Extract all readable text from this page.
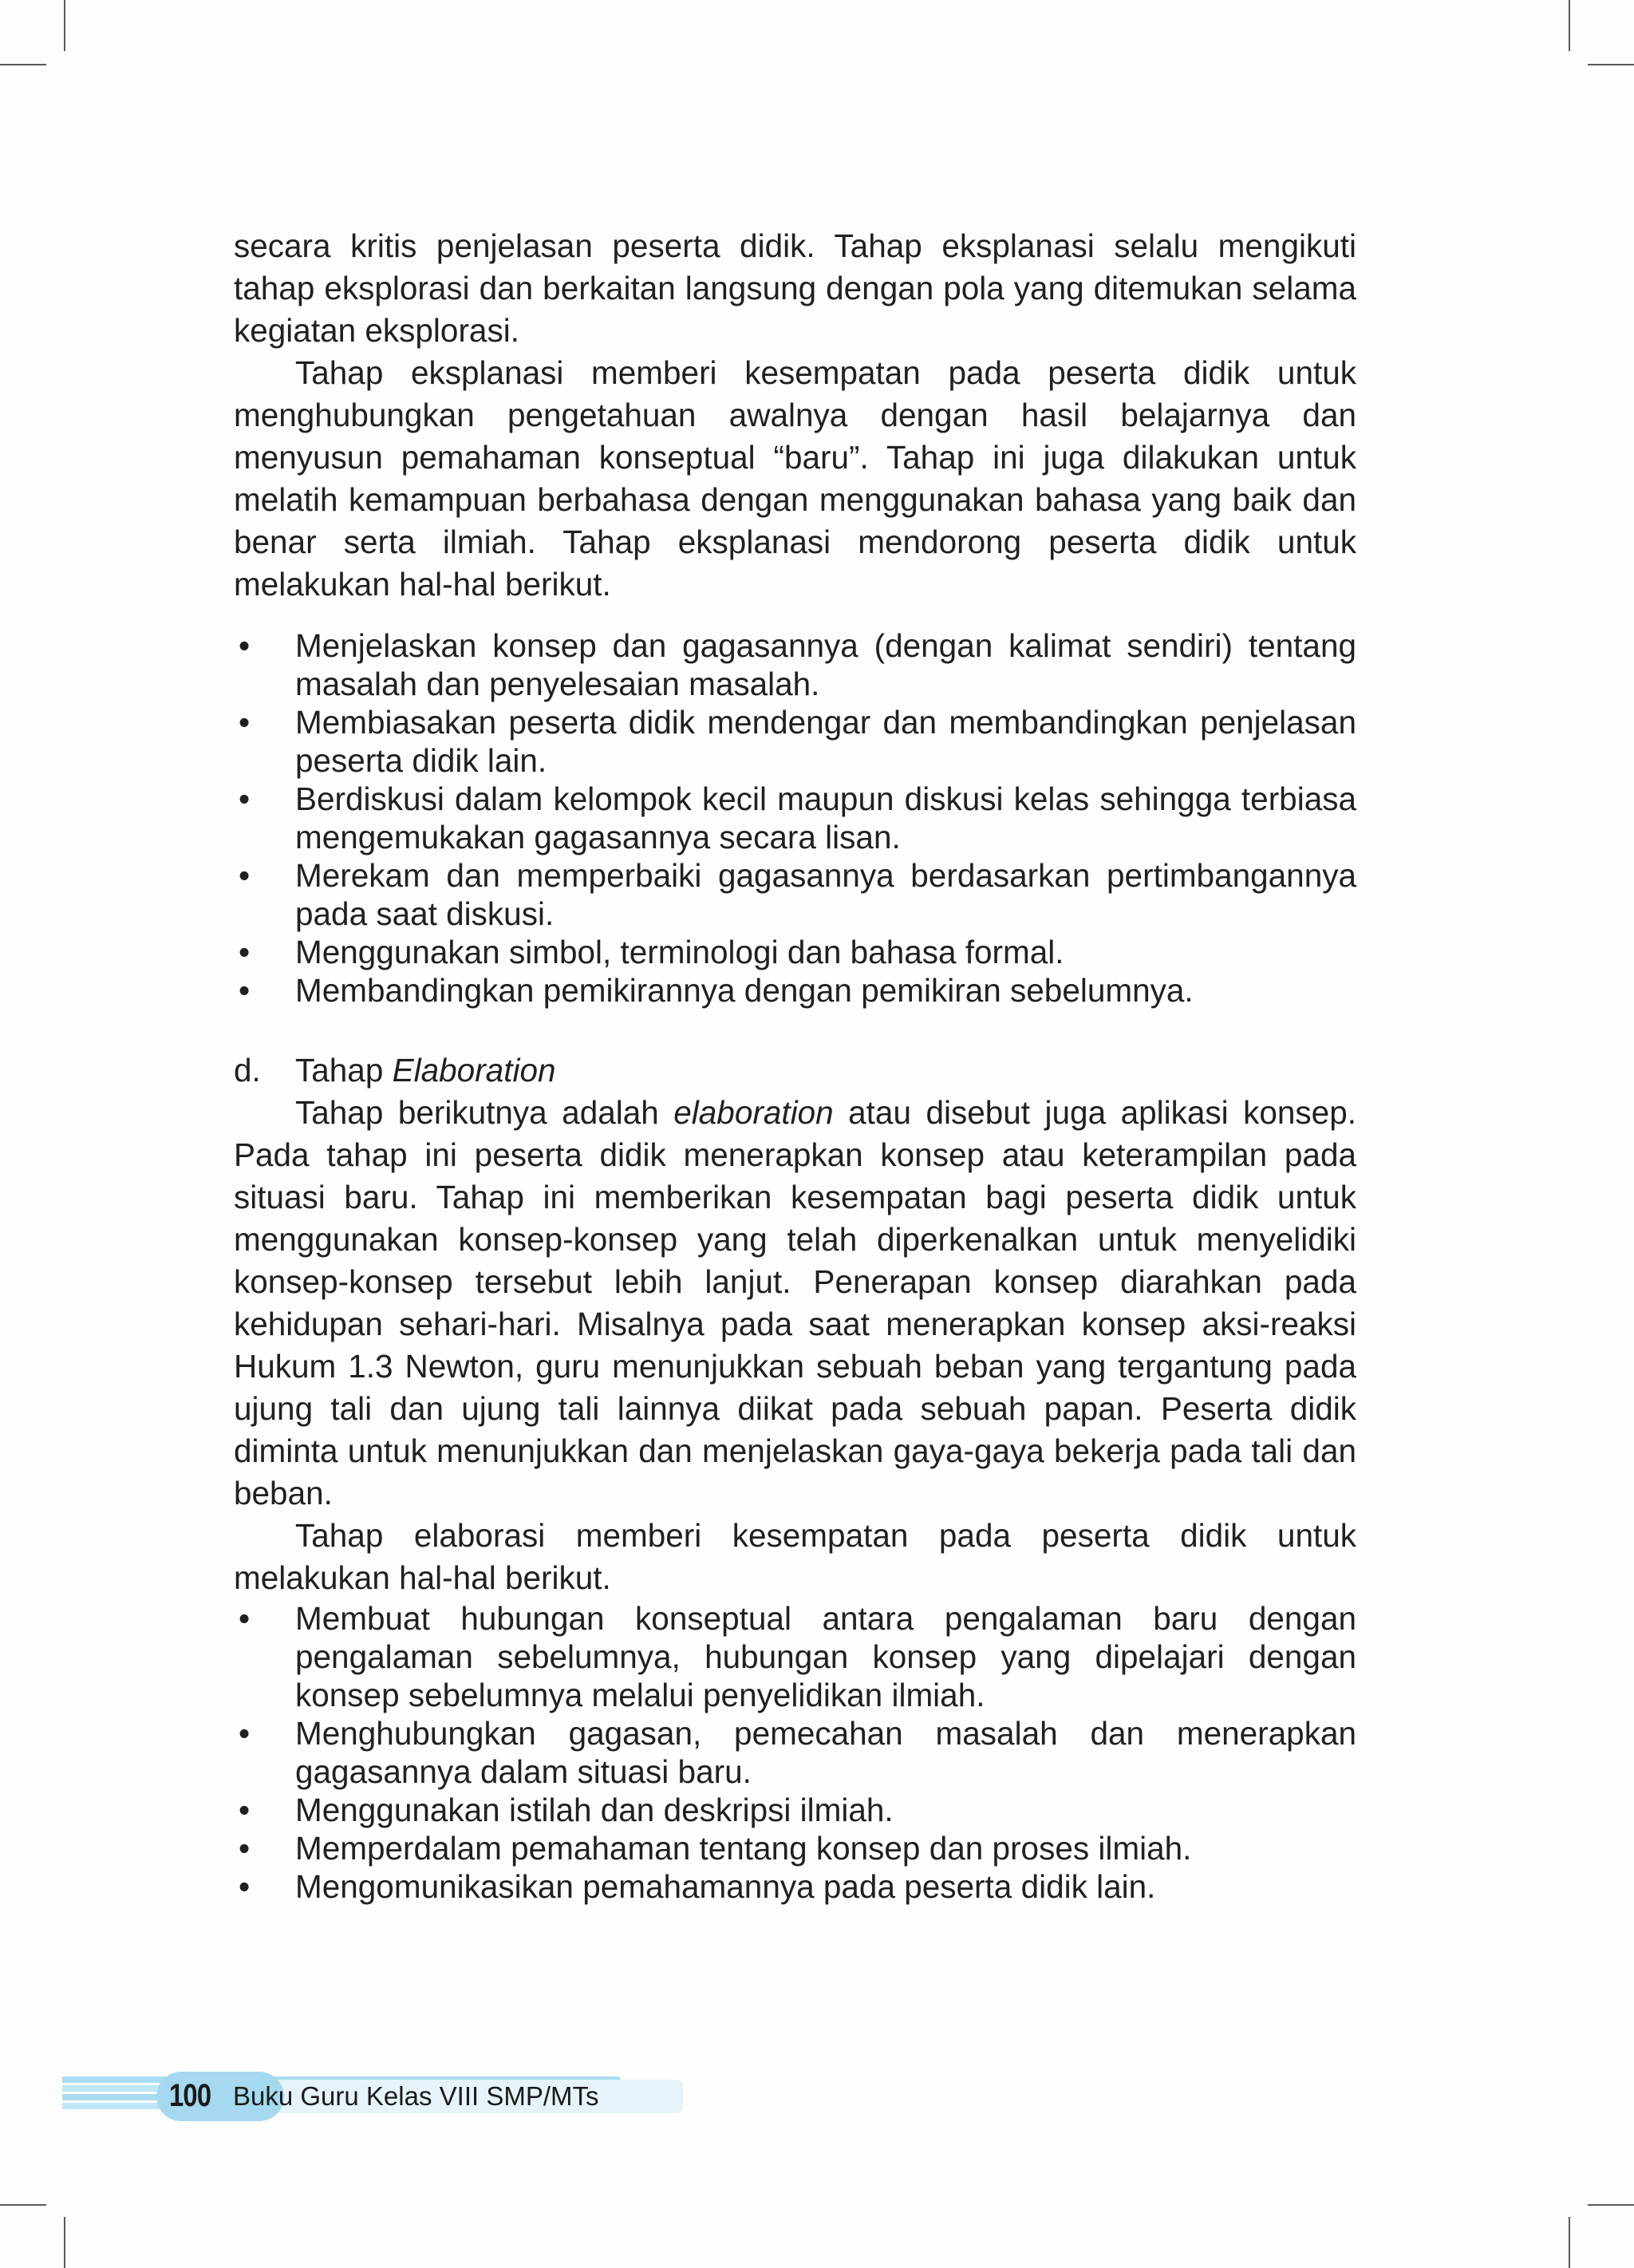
secara kritis penjelasan peserta didik. Tahap eksplanasi selalu mengikuti tahap eksplorasi dan berkaitan langsung dengan pola yang ditemukan selama kegiatan eksplorasi.

Tahap eksplanasi memberi kesempatan pada peserta didik untuk menghubungkan pengetahuan awalnya dengan hasil belajarnya dan menyusun pemahaman konseptual “baru”. Tahap ini juga dilakukan untuk melatih kemampuan berbahasa dengan menggunakan bahasa yang baik dan benar serta ilmiah. Tahap eksplanasi mendorong peserta didik untuk melakukan hal-hal berikut.

• Menjelaskan konsep dan gagasannya (dengan kalimat sendiri) tentang masalah dan penyelesaian masalah.
• Membiasakan peserta didik mendengar dan membandingkan penjelasan peserta didik lain.
• Berdiskusi dalam kelompok kecil maupun diskusi kelas sehingga terbiasa mengemukakan gagasannya secara lisan.
• Merekam dan memperbaiki gagasannya berdasarkan pertimbangannya pada saat diskusi.
• Menggunakan simbol, terminologi dan bahasa formal.
• Membandingkan pemikirannya dengan pemikiran sebelumnya.
d. Tahap Elaboration

Tahap berikutnya adalah elaboration atau disebut juga aplikasi konsep. Pada tahap ini peserta didik menerapkan konsep atau keterampilan pada situasi baru. Tahap ini memberikan kesempatan bagi peserta didik untuk menggunakan konsep-konsep yang telah diperkenalkan untuk menyelidiki konsep-konsep tersebut lebih lanjut. Penerapan konsep diarahkan pada kehidupan sehari-hari. Misalnya pada saat menerapkan konsep aksi-reaksi Hukum 1.3 Newton, guru menunjukkan sebuah beban yang tergantung pada ujung tali dan ujung tali lainnya diikat pada sebuah papan. Peserta didik diminta untuk menunjukkan dan menjelaskan gaya-gaya bekerja pada tali dan beban.

Tahap elaborasi memberi kesempatan pada peserta didik untuk melakukan hal-hal berikut.

• Membuat hubungan konseptual antara pengalaman baru dengan pengalaman sebelumnya, hubungan konsep yang dipelajari dengan konsep sebelumnya melalui penyelidikan ilmiah.
• Menghubungkan gagasan, pemecahan masalah dan menerapkan gagasannya dalam situasi baru.
• Menggunakan istilah dan deskripsi ilmiah.
• Memperdalam pemahaman tentang konsep dan proses ilmiah.
• Mengomunikasikan pemahamannya pada peserta didik lain.
100 Buku Guru Kelas VIII SMP/MTs
